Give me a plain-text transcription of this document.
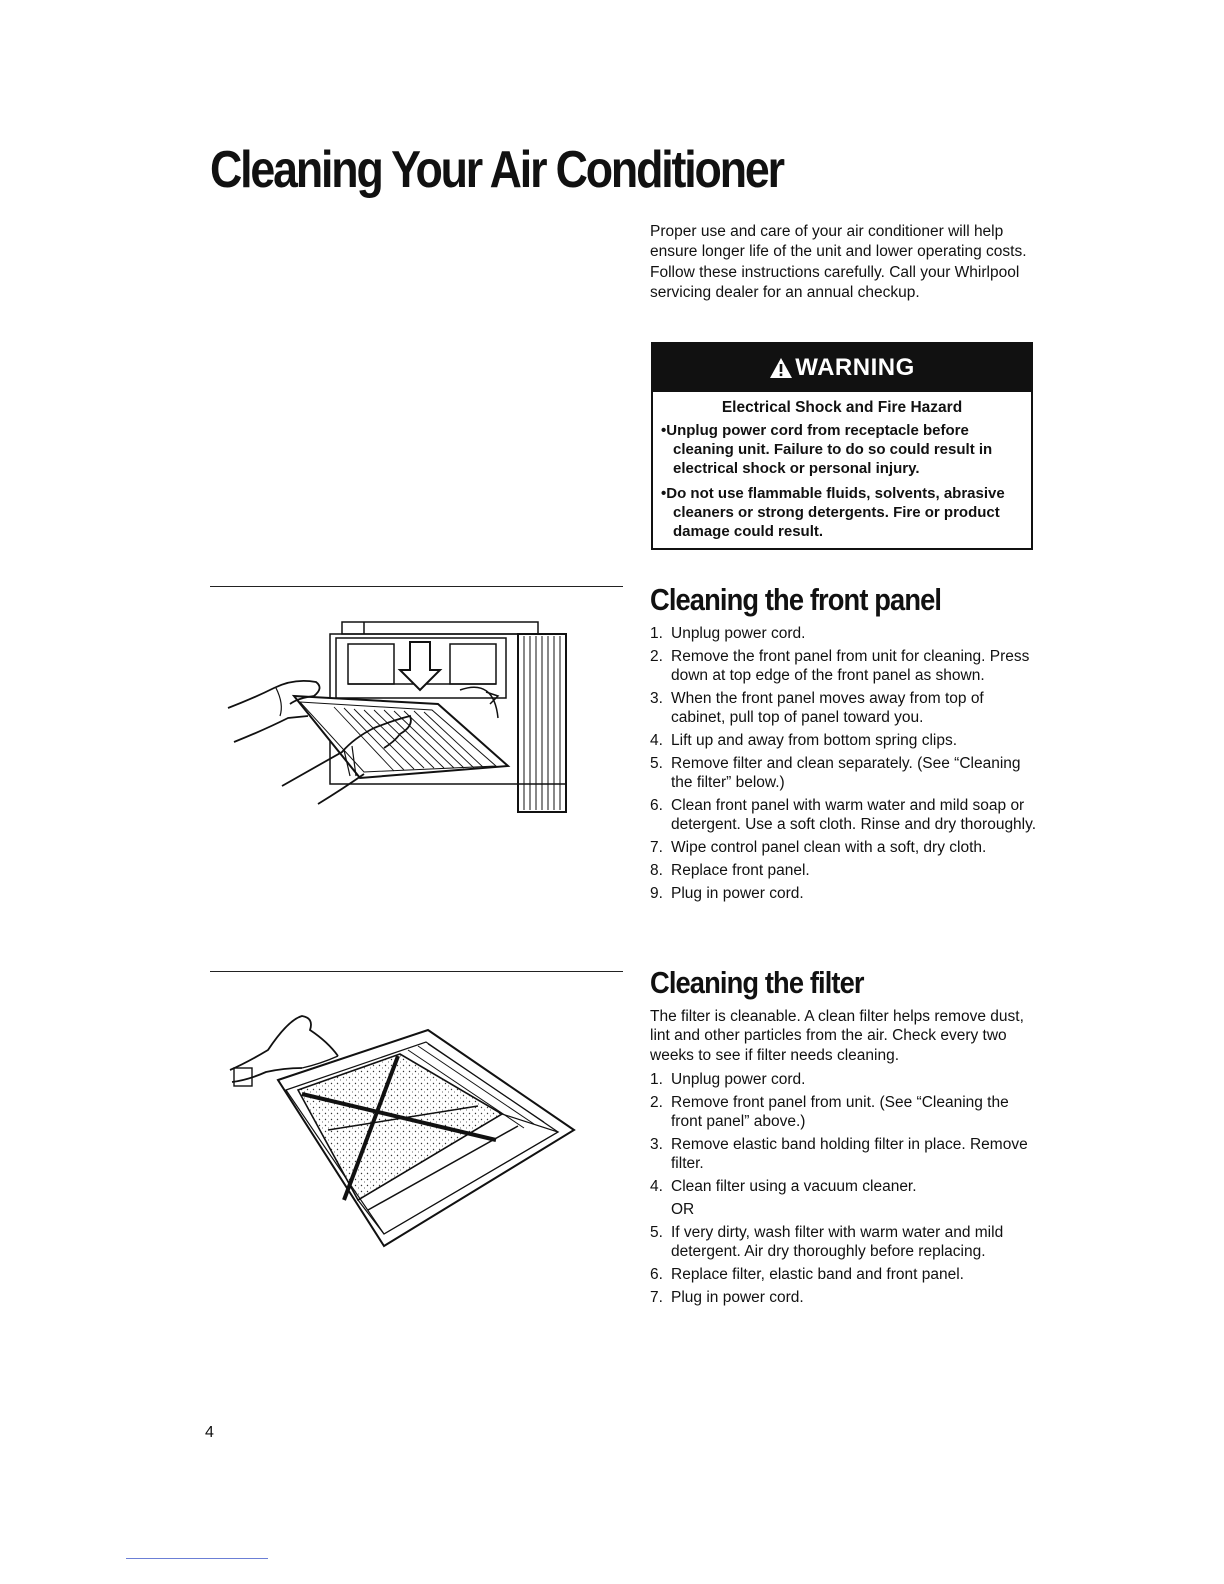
Cleaning Your Air Conditioner

Proper use and care of your air conditioner will help ensure longer life of the unit and lower operating costs. Follow these instructions carefully. Call your Whirlpool servicing dealer for an annual checkup.

WARNING
Electrical Shock and Fire Hazard
• Unplug power cord from receptacle before cleaning unit. Failure to do so could result in electrical shock or personal injury.
• Do not use flammable fluids, solvents, abrasive cleaners or strong detergents. Fire or product damage could result.
Cleaning the front panel
1. Unplug power cord.
2. Remove the front panel from unit for cleaning. Press down at top edge of the front panel as shown.
3. When the front panel moves away from top of cabinet, pull top of panel toward you.
4. Lift up and away from bottom spring clips.
5. Remove filter and clean separately. (See “Cleaning the filter” below.)
6. Clean front panel with warm water and mild soap or detergent. Use a soft cloth. Rinse and dry thoroughly.
7. Wipe control panel clean with a soft, dry cloth.
8. Replace front panel.
9. Plug in power cord.
Cleaning the filter

The filter is cleanable. A clean filter helps remove dust, lint and other particles from the air. Check every two weeks to see if filter needs cleaning.

1. Unplug power cord.
2. Remove front panel from unit. (See “Cleaning the front panel” above.)
3. Remove elastic band holding filter in place. Remove filter.
4. Clean filter using a vacuum cleaner.
OR
5. If very dirty, wash filter with warm water and mild detergent. Air dry thoroughly before replacing.
6. Replace filter, elastic band and front panel.
7. Plug in power cord.
4
